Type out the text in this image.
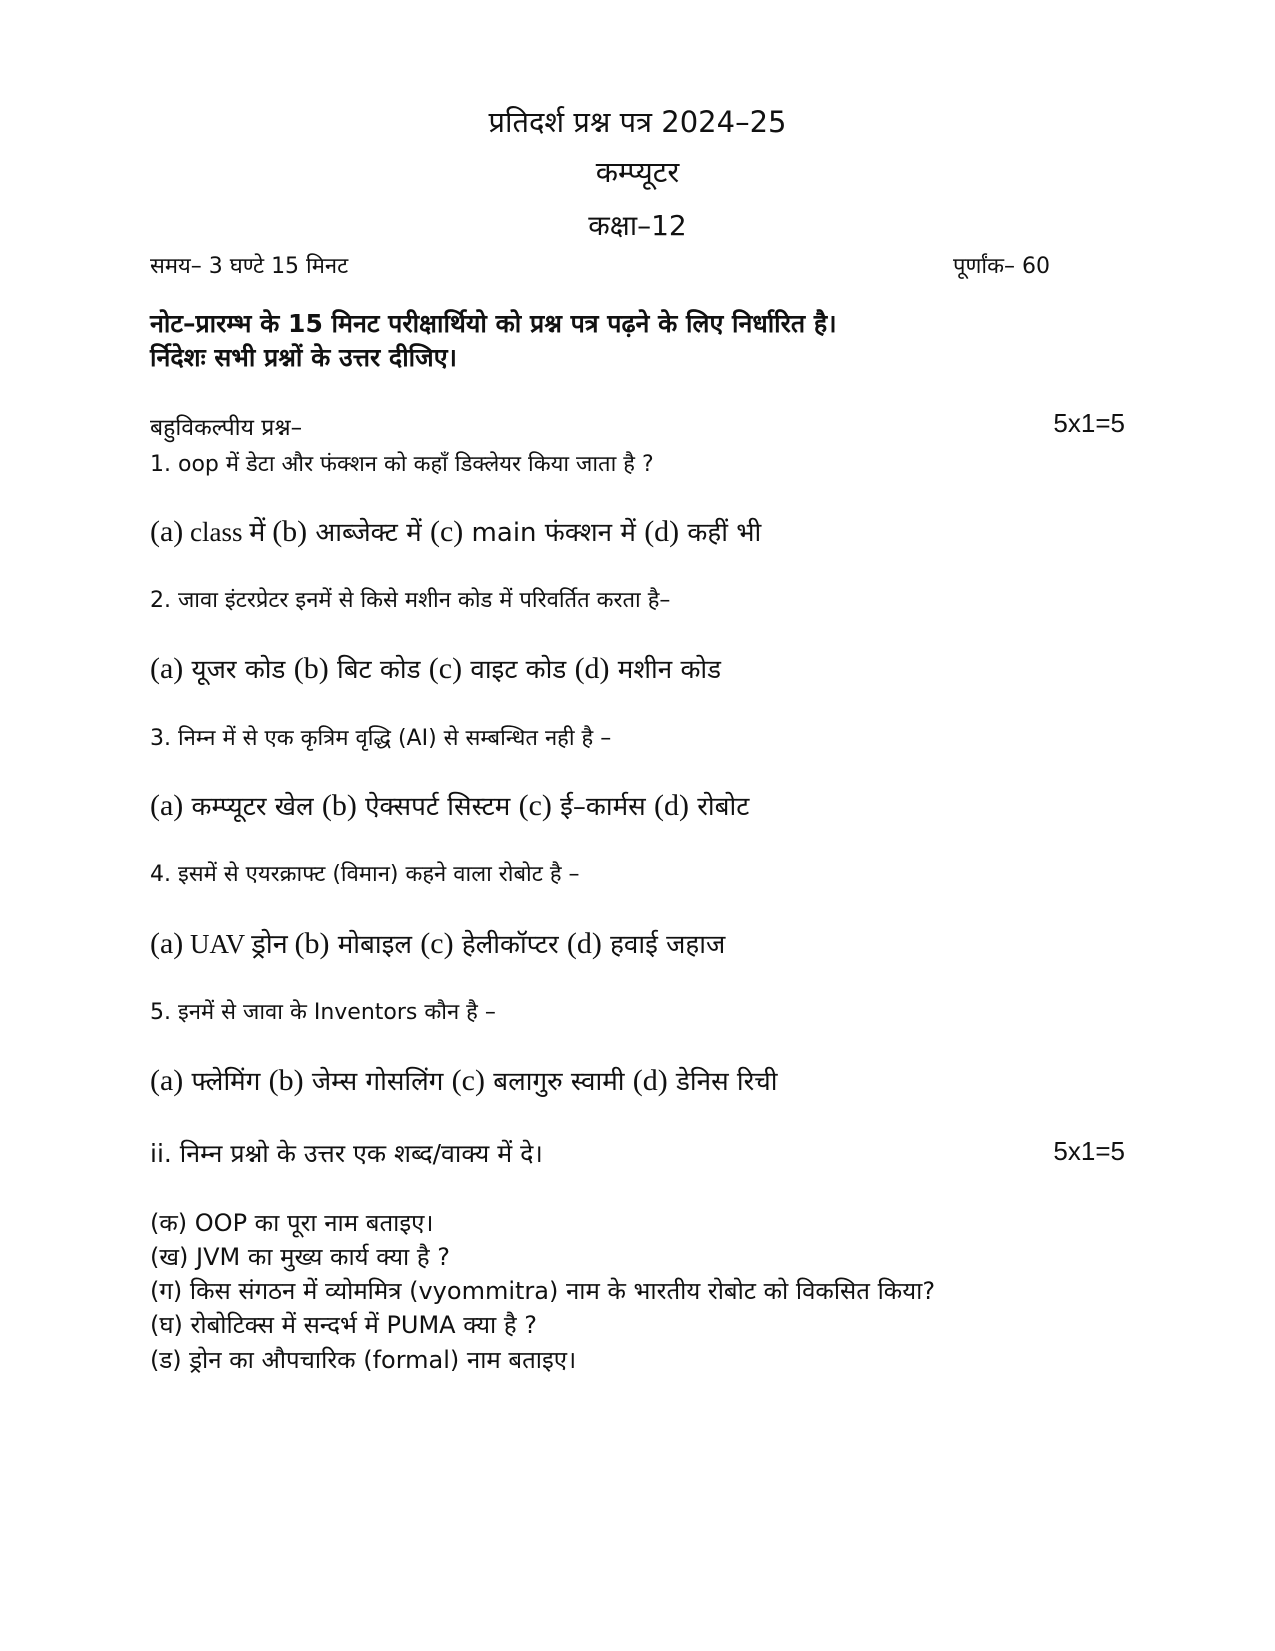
प्रतिदर्श प्रश्न पत्र 2024–25
कम्प्यूटर
कक्षा–12
समय– 3 घण्टे 15 मिनट	पूर्णांक– 60
नोट–प्रारम्भ के 15 मिनट परीक्षार्थियो को प्रश्न पत्र पढ़ने के लिए निर्धारित है।
र्निदेशः सभी प्रश्नों के उत्तर दीजिए।
बहुविकल्पीय प्रश्न–	5x1=5
1. oop में डेटा और फंक्शन को कहाँ डिक्लेयर किया जाता है ?
(a) class में (b) आब्जेक्ट में (c) main फंक्शन में (d) कहीं भी
2. जावा इंटरप्रेटर इनमें से किसे मशीन कोड में परिवर्तित करता है–
(a) यूजर कोड (b) बिट कोड (c) वाइट कोड (d) मशीन कोड
3. निम्न में से एक कृत्रिम वृद्धि (AI) से सम्बन्धित नही है –
(a) कम्प्यूटर खेल (b) ऐक्सपर्ट सिस्टम (c) ई–कार्मस (d) रोबोट
4. इसमें से एयरक्राफ्ट (विमान) कहने वाला रोबोट है –
(a) UAV ड्रोन (b) मोबाइल (c) हेलीकॉप्टर (d) हवाई जहाज
5. इनमें से जावा के Inventors कौन है –
(a) फ्लेमिंग (b) जेम्स गोसलिंग (c) बलागुरु स्वामी (d) डेनिस रिची
ii. निम्न प्रश्नो के उत्तर एक शब्द/वाक्य में दे।	5x1=5
(क) OOP का पूरा नाम बताइए।
(ख) JVM का मुख्य कार्य क्या है ?
(ग) किस संगठन में व्योममित्र (vyommitra) नाम के भारतीय रोबोट को विकसित किया?
(घ) रोबोटिक्स में सन्दर्भ में PUMA क्या है ?
(ड) ड्रोन का औपचारिक (formal) नाम बताइए।
